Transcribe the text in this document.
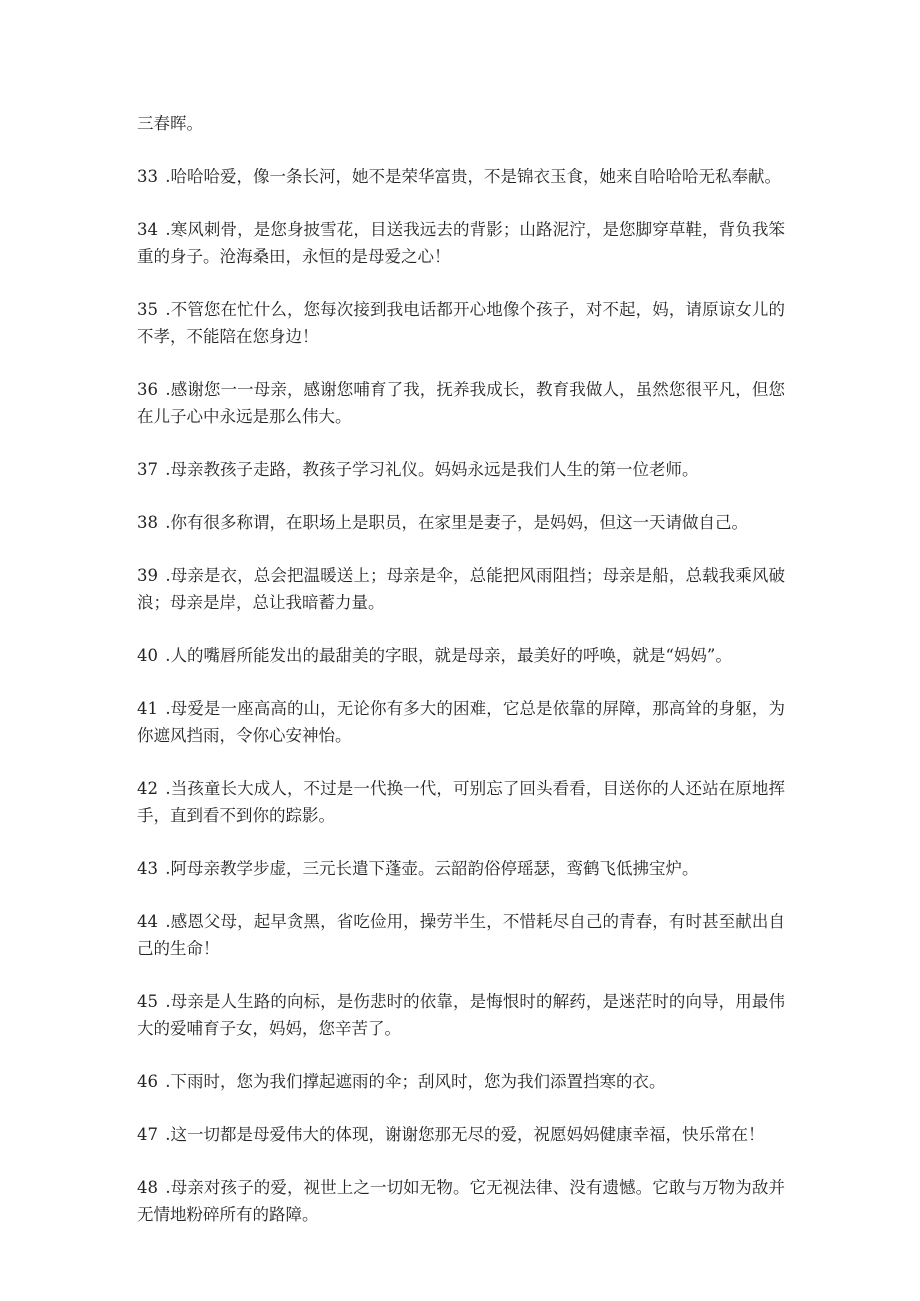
三春晖。

33 .哈哈哈爱，像一条长河，她不是荣华富贵，不是锦衣玉食，她来自哈哈哈无私奉献。

34 .寒风刺骨，是您身披雪花，目送我远去的背影；山路泥泞，是您脚穿草鞋，背负我笨重的身子。沧海桑田，永恒的是母爱之心！

35 .不管您在忙什么，您每次接到我电话都开心地像个孩子，对不起，妈，请原谅女儿的不孝，不能陪在您身边！

36 .感谢您一一母亲，感谢您哺育了我，抚养我成长，教育我做人，虽然您很平凡，但您在儿子心中永远是那么伟大。

37 .母亲教孩子走路，教孩子学习礼仪。妈妈永远是我们人生的第一位老师。

38 .你有很多称谓，在职场上是职员，在家里是妻子，是妈妈，但这一天请做自己。

39 .母亲是衣，总会把温暖送上；母亲是伞，总能把风雨阻挡；母亲是船，总载我乘风破浪；母亲是岸，总让我暗蓄力量。

40 .人的嘴唇所能发出的最甜美的字眼，就是母亲，最美好的呼唤，就是“妈妈”。

41 .母爱是一座高高的山，无论你有多大的困难，它总是依靠的屏障，那高耸的身躯，为你遮风挡雨，令你心安神怡。

42 .当孩童长大成人，不过是一代换一代，可别忘了回头看看，目送你的人还站在原地挥手，直到看不到你的踪影。

43 .阿母亲教学步虚，三元长遣下蓬壶。云韶韵俗停瑶瑟，鸾鹤飞低拂宝炉。

44 .感恩父母，起早贪黑，省吃俭用，操劳半生，不惜耗尽自己的青春，有时甚至献出自己的生命！

45 .母亲是人生路的向标，是伤悲时的依靠，是悔恨时的解药，是迷茫时的向导，用最伟大的爱哺育子女，妈妈，您辛苦了。

46 .下雨时，您为我们撑起遮雨的伞；刮风时，您为我们添置挡寒的衣。

47 .这一切都是母爱伟大的体现，谢谢您那无尽的爱，祝愿妈妈健康幸福，快乐常在！

48 .母亲对孩子的爱，视世上之一切如无物。它无视法律、没有遗憾。它敢与万物为敌并无情地粉碎所有的路障。
